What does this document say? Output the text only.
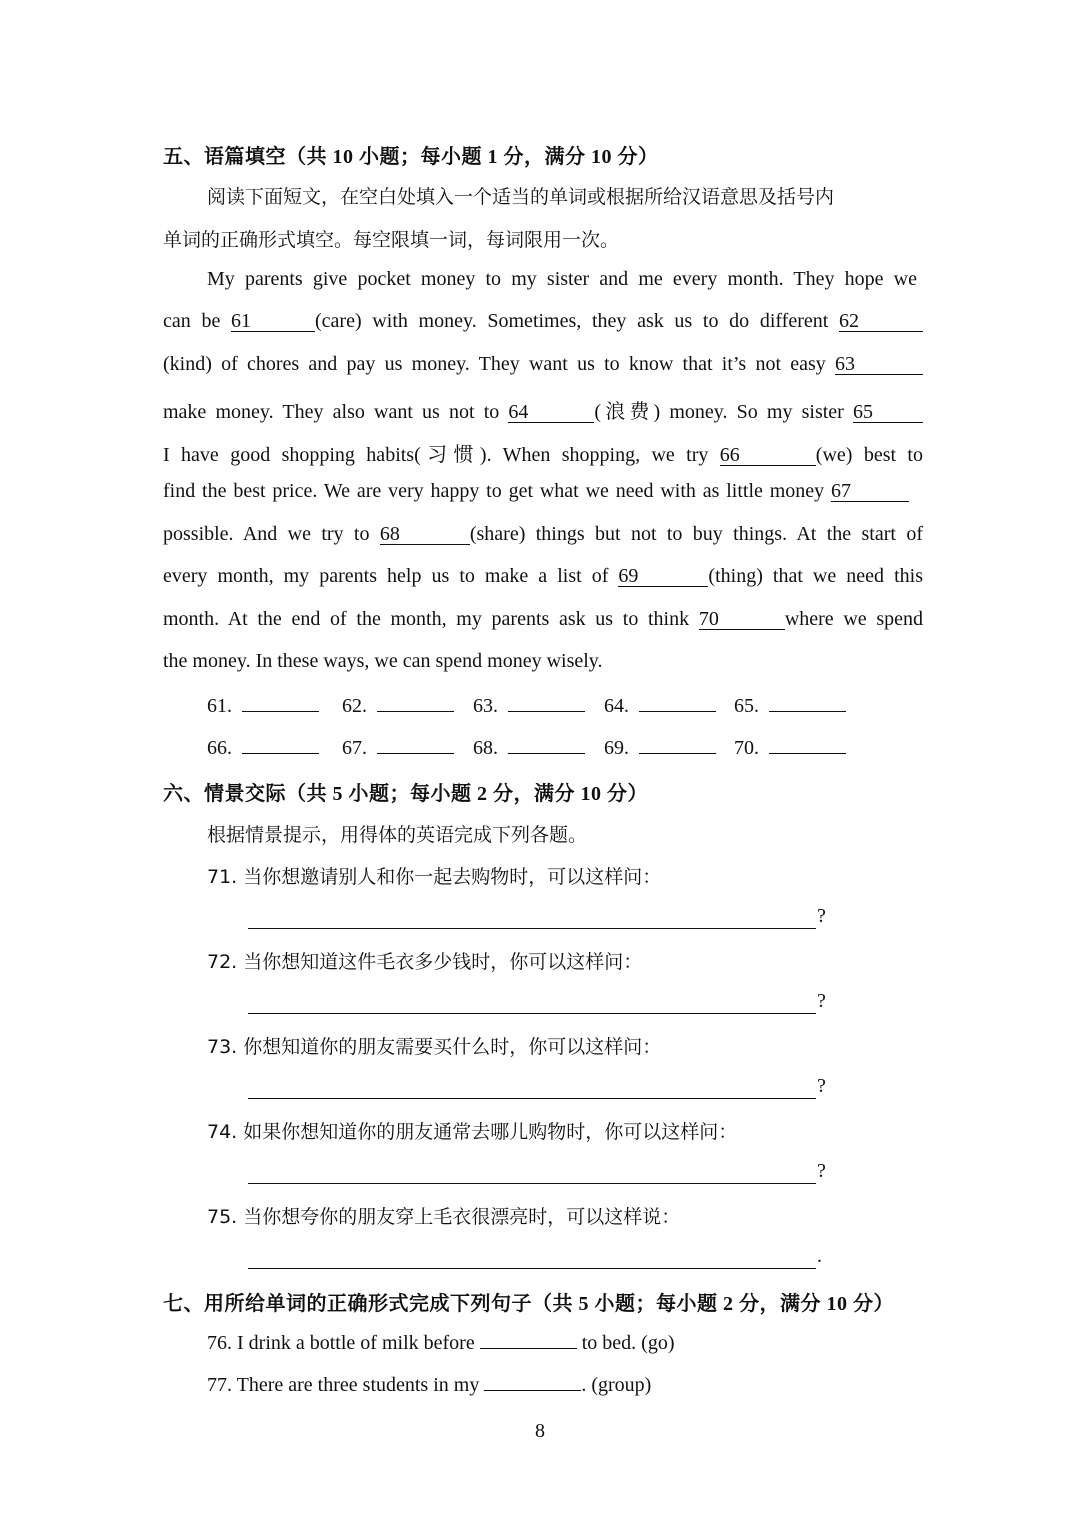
五、语篇填空（共 10 小题；每小题 1 分，满分 10 分）
阅读下面短文，在空白处填入一个适当的单词或根据所给汉语意思及括号内
单词的正确形式填空。每空限填一词，每词限用一次。
My parents give pocket money to my sister and me every month. They hope we
can be 61	(care) with money. Sometimes, they ask us to do different 62
(kind) of chores and pay us money. They want us to know that it’s not easy 63
make money. They also want us not to 64	(浪费) money. So my sister 65
I have good shopping habits(习惯). When shopping, we try 66	(we) best to
find the best price. We are very happy to get what we need with as little money 67
possible. And we try to 68	(share) things but not to buy things. At the start of
every month, my parents help us to make a list of 69	(thing) that we need this
month. At the end of the month, my parents ask us to think 70	where we spend
the money. In these ways, we can spend money wisely.
61.	62.	63.	64.	65.
66.	67.	68.	69.	70.
六、情景交际（共 5 小题；每小题 2 分，满分 10 分）
根据情景提示，用得体的英语完成下列各题。
71. 当你想邀请别人和你一起去购物时，可以这样问：
?
72. 当你想知道这件毛衣多少钱时，你可以这样问：
?
73. 你想知道你的朋友需要买什么时，你可以这样问：
?
74. 如果你想知道你的朋友通常去哪儿购物时，你可以这样问：
?
75. 当你想夸你的朋友穿上毛衣很漂亮时，可以这样说：
.
七、用所给单词的正确形式完成下列句子（共 5 小题；每小题 2 分，满分 10 分）
76. I drink a bottle of milk before	to bed. (go)
77. There are three students in my	. (group)
8
